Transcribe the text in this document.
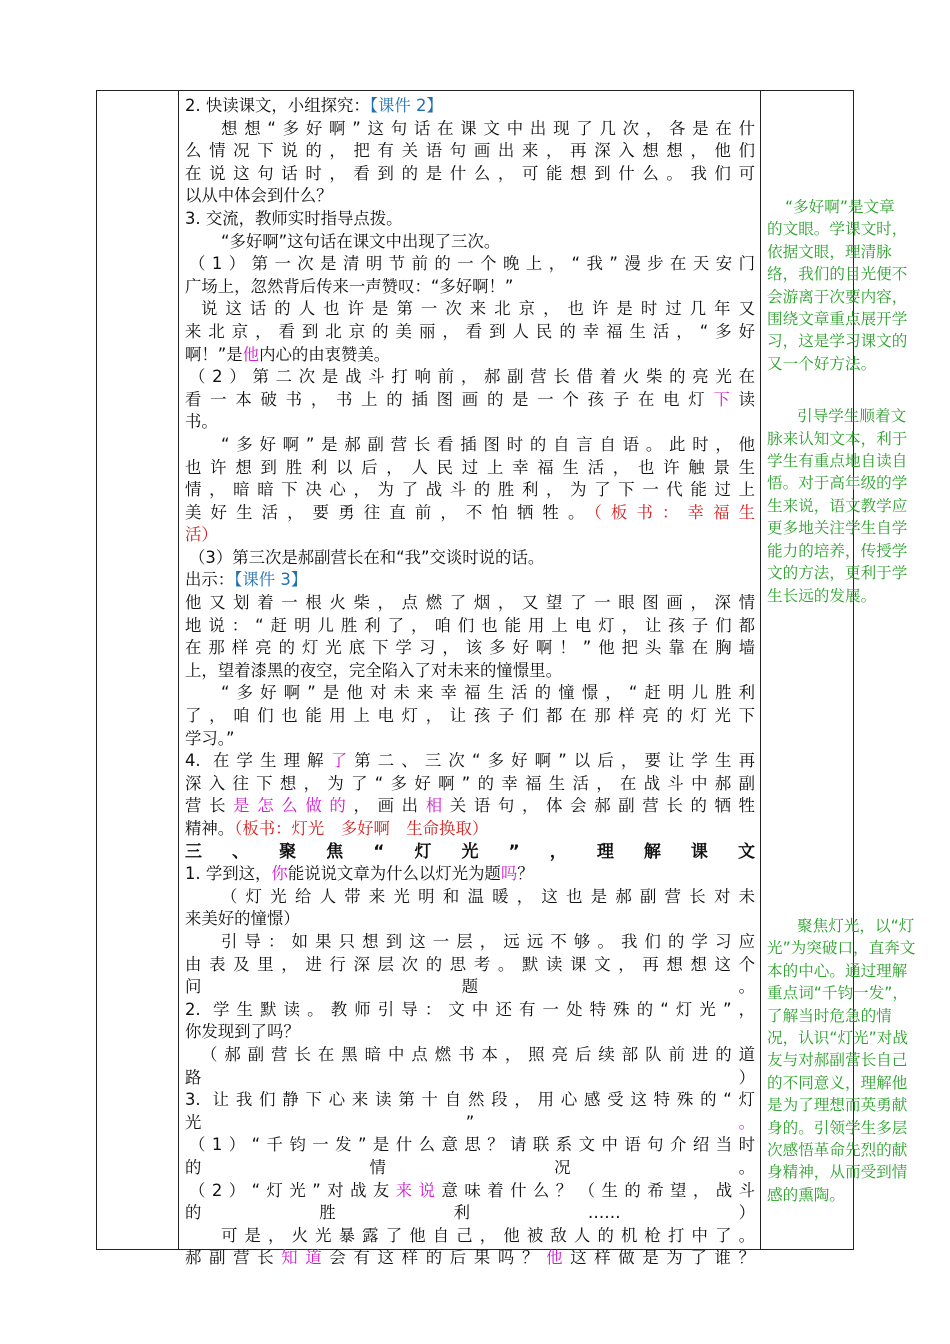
2. 快读课文，小组探究：【课件 2】
想想“多好啊”这句话在课文中出现了几次，各是在什
么情况下说的，把有关语句画出来，再深入想想，他们
在说这句话时，看到的是什么，可能想到什么。我们可
以从中体会到什么？
3. 交流，教师实时指导点拨。
“多好啊”这句话在课文中出现了三次。
（1）第一次是清明节前的一个晚上，“我”漫步在天安门
广场上，忽然背后传来一声赞叹：“多好啊！”
说这话的人也许是第一次来北京，也许是时过几年又
来北京，看到北京的美丽，看到人民的幸福生活，“多好
啊！”是他内心的由衷赞美。
（2）第二次是战斗打响前，郝副营长借着火柴的亮光在
看一本破书，书上的插图画的是一个孩子在电灯下读
书。
“多好啊”是郝副营长看插图时的自言自语。此时，他
也许想到胜利以后，人民过上幸福生活，也许触景生
情，暗暗下决心，为了战斗的胜利，为了下一代能过上
美好生活，要勇往直前，不怕牺牲。（板书：幸福生
活）
（3）第三次是郝副营长在和“我”交谈时说的话。
出示：【课件 3】
他又划着一根火柴，点燃了烟，又望了一眼图画，深情
地说：“赶明儿胜利了，咱们也能用上电灯，让孩子们都
在那样亮的灯光底下学习，该多好啊！”他把头靠在胸墙
上，望着漆黑的夜空，完全陷入了对未来的憧憬里。
“多好啊”是他对未来幸福生活的憧憬，“赶明儿胜利
了，咱们也能用上电灯，让孩子们都在那样亮的灯光下
学习。”
4. 在学生理解了第二、三次“多好啊”以后，要让学生再
深入往下想，为了“多好啊”的幸福生活，在战斗中郝副
营长是怎么做的，画出相关语句，体会郝副营长的牺牲
精神。（板书：灯光　多好啊　生命换取）
三、聚焦“灯光”，理解课文
1. 学到这，你能说说文章为什么以灯光为题吗？
（灯光给人带来光明和温暖，这也是郝副营长对未
来美好的憧憬）
引导：如果只想到这一层，远远不够。我们的学习应
由表及里，进行深层次的思考。默读课文，再想想这个
问题。
2. 学生默读。教师引导：文中还有一处特殊的“灯光”，
你发现到了吗？
（郝副营长在黑暗中点燃书本，照亮后续部队前进的道
路）
3. 让我们静下心来读第十自然段，用心感受这特殊的“灯
光”。
（1）“千钧一发”是什么意思？请联系文中语句介绍当时
的情况。
（2）“灯光”对战友来说意味着什么？（生的希望，战斗
的胜利……）
可是，火光暴露了他自己，他被敌人的机枪打中了。
郝副营长知道会有这样的后果吗？他这样做是为了谁？
“多好啊”是文章
的文眼。学课文时，
依据文眼，理清脉
络，我们的目光便不
会游离于次要内容，
围绕文章重点展开学
习，这是学习课文的
又一个好方法。
引导学生顺着文
脉来认知文本，利于
学生有重点地自读自
悟。对于高年级的学
生来说，语文教学应
更多地关注学生自学
能力的培养，传授学
文的方法，更利于学
生长远的发展。
聚焦灯光，以“灯
光”为突破口，直奔文
本的中心。通过理解
重点词“千钧一发”，
了解当时危急的情
况，认识“灯光”对战
友与对郝副营长自己
的不同意义，理解他
是为了理想而英勇献
身的。引领学生多层
次感悟革命先烈的献
身精神，从而受到情
感的熏陶。
